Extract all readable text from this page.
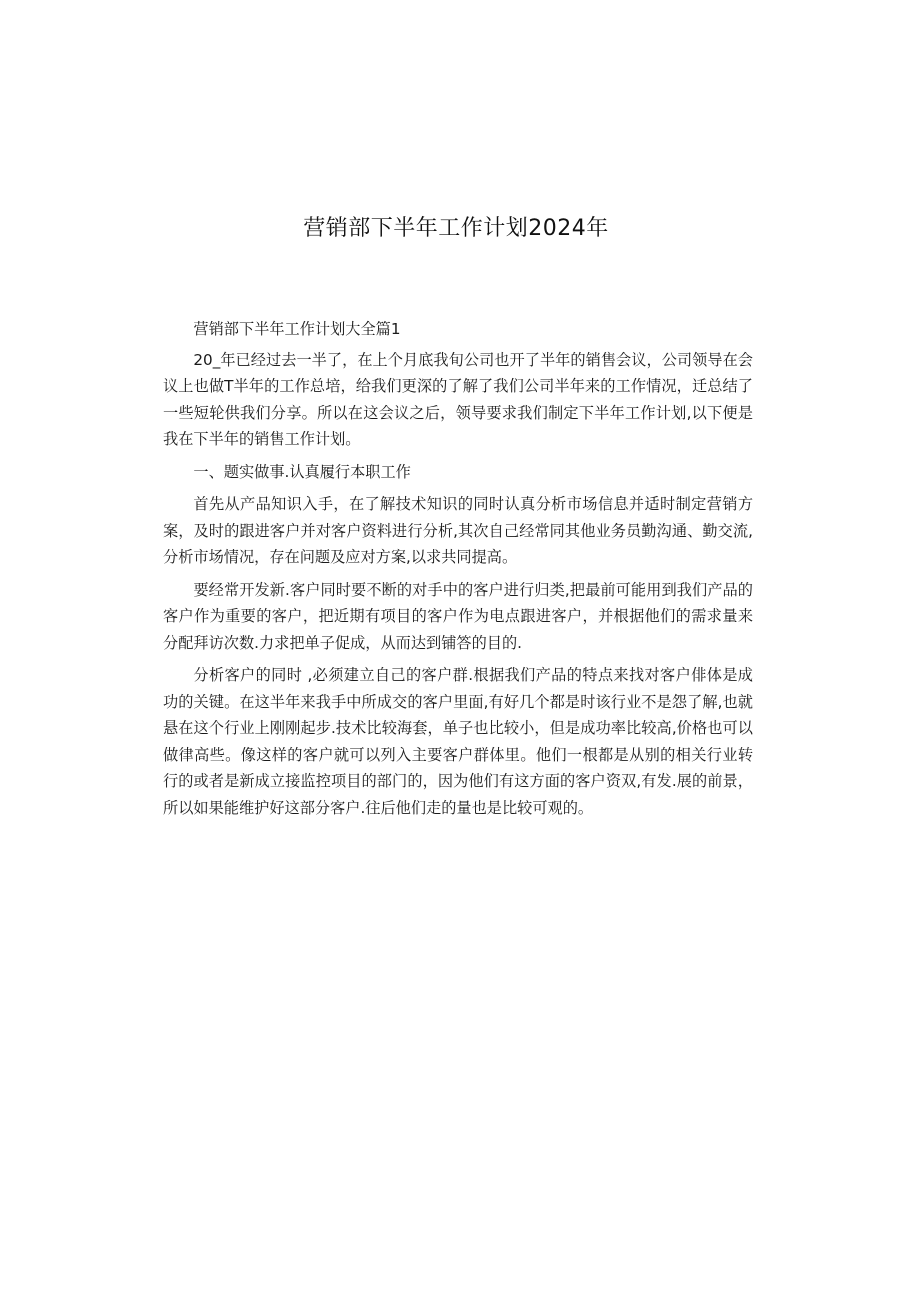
营销部下半年工作计划2024年

营销部下半年工作计划大全篇1

20_年已经过去一半了，在上个月底我旬公司也开了半年的销售会议，公司领导在会议上也做T半年的工作总培，给我们更深的了解了我们公司半年来的工作情况，迁总结了一些短轮供我们分享。所以在这会议之后，领导要求我们制定下半年工作计划,以下便是我在下半年的销售工作计划。

一、题实做事.认真履行本职工作

首先从产品知识入手，在了解技术知识的同时认真分析市场信息并适时制定营销方案，及时的跟进客户并对客户资料进行分析,其次自己经常同其他业务员勤沟通、勤交流,分析市场情况，存在问题及应对方案,以求共同提高。

要经常开发新.客户同时要不断的对手中的客户进行归类,把最前可能用到我们产品的客户作为重要的客户，把近期有项目的客户作为电点跟进客户，并根据他们的需求量来分配拜访次数.力求把单子促成，从而达到铺答的目的.

分析客户的同时 ,必须建立自己的客户群.根据我们产品的特点来找对客户俳体是成功的关键。在这半年来我手中所成交的客户里面,有好几个都是时该行业不是怨了解,也就悬在这个行业上刚刚起步.技术比较海套，单子也比较小，但是成功率比较高,价格也可以做律高些。像这样的客户就可以列入主要客户群体里。他们一根都是从别的相关行业转行的或者是新成立接监控项目的部门的，因为他们有这方面的客户资双,有发.展的前景，所以如果能维护好这部分客户.往后他们走的量也是比较可观的。
